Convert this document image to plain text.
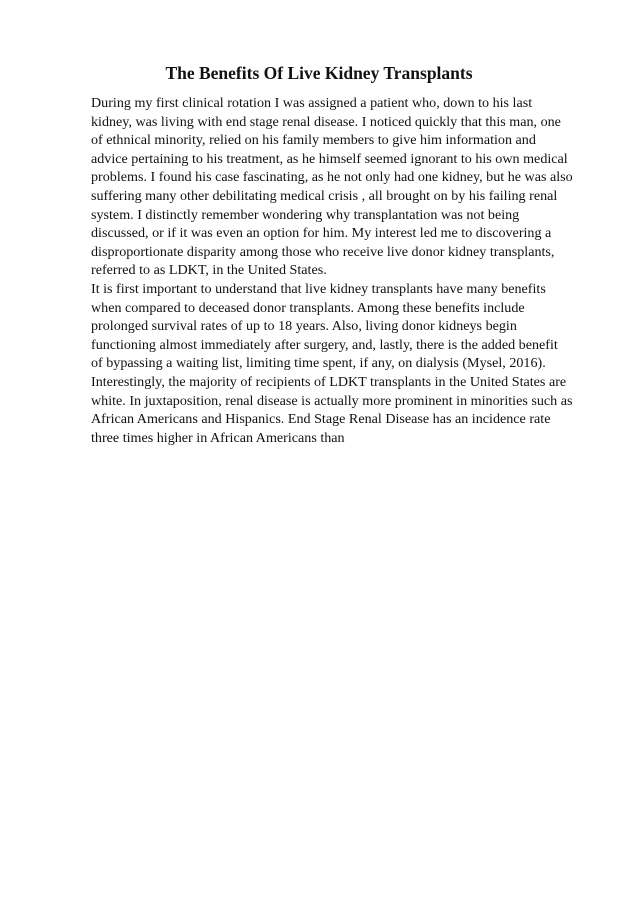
The Benefits Of Live Kidney Transplants
During my first clinical rotation I was assigned a patient who, down to his last
kidney, was living with end stage renal disease. I noticed quickly that this man, one
of ethnical minority, relied on his family members to give him information and
advice pertaining to his treatment, as he himself seemed ignorant to his own medical
problems. I found his case fascinating, as he not only had one kidney, but he was also
suffering many other debilitating medical crisis , all brought on by his failing renal
system. I distinctly remember wondering why transplantation was not being
discussed, or if it was even an option for him. My interest led me to discovering a
disproportionate disparity among those who receive live donor kidney transplants,
referred to as LDKT, in the United States.
It is first important to understand that live kidney transplants have many benefits
when compared to deceased donor transplants. Among these benefits include
prolonged survival rates of up to 18 years. Also, living donor kidneys begin
functioning almost immediately after surgery, and, lastly, there is the added benefit
of bypassing a waiting list, limiting time spent, if any, on dialysis (Mysel, 2016).
Interestingly, the majority of recipients of LDKT transplants in the United States are
white. In juxtaposition, renal disease is actually more prominent in minorities such as
African Americans and Hispanics. End Stage Renal Disease has an incidence rate
three times higher in African Americans than
